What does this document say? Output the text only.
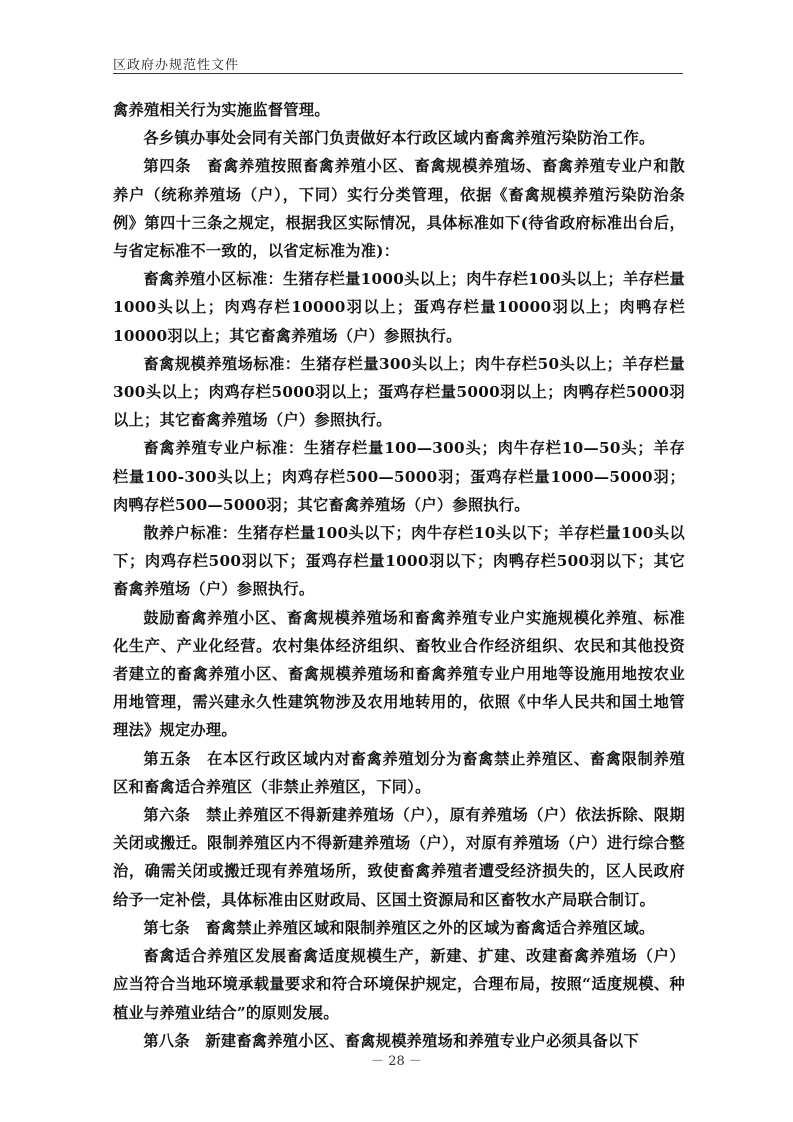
区政府办规范性文件

禽养殖相关行为实施监督管理。

各乡镇办事处会同有关部门负责做好本行政区域内畜禽养殖污染防治工作。

第四条　畜禽养殖按照畜禽养殖小区、畜禽规模养殖场、畜禽养殖专业户和散养户（统称养殖场（户），下同）实行分类管理，依据《畜禽规模养殖污染防治条例》第四十三条之规定，根据我区实际情况，具体标准如下(待省政府标准出台后，与省定标准不一致的，以省定标准为准)：

畜禽养殖小区标准：生猪存栏量1000头以上；肉牛存栏100头以上；羊存栏量1000头以上；肉鸡存栏10000羽以上；蛋鸡存栏量10000羽以上；肉鸭存栏10000羽以上；其它畜禽养殖场（户）参照执行。

畜禽规模养殖场标准：生猪存栏量300头以上；肉牛存栏50头以上；羊存栏量300头以上；肉鸡存栏5000羽以上；蛋鸡存栏量5000羽以上；肉鸭存栏5000羽以上；其它畜禽养殖场（户）参照执行。

畜禽养殖专业户标准：生猪存栏量100—300头；肉牛存栏10—50头；羊存栏量100-300头以上；肉鸡存栏500—5000羽；蛋鸡存栏量1000—5000羽；肉鸭存栏500—5000羽；其它畜禽养殖场（户）参照执行。

散养户标准：生猪存栏量100头以下；肉牛存栏10头以下；羊存栏量100头以下；肉鸡存栏500羽以下；蛋鸡存栏量1000羽以下；肉鸭存栏500羽以下；其它畜禽养殖场（户）参照执行。

鼓励畜禽养殖小区、畜禽规模养殖场和畜禽养殖专业户实施规模化养殖、标准化生产、产业化经营。农村集体经济组织、畜牧业合作经济组织、农民和其他投资者建立的畜禽养殖小区、畜禽规模养殖场和畜禽养殖专业户用地等设施用地按农业用地管理，需兴建永久性建筑物涉及农用地转用的，依照《中华人民共和国土地管理法》规定办理。

第五条　在本区行政区域内对畜禽养殖划分为畜禽禁止养殖区、畜禽限制养殖区和畜禽适合养殖区（非禁止养殖区，下同）。

第六条　禁止养殖区不得新建养殖场（户），原有养殖场（户）依法拆除、限期关闭或搬迁。限制养殖区内不得新建养殖场（户），对原有养殖场（户）进行综合整治，确需关闭或搬迁现有养殖场所，致使畜禽养殖者遭受经济损失的，区人民政府给予一定补偿，具体标准由区财政局、区国土资源局和区畜牧水产局联合制订。

第七条　畜禽禁止养殖区域和限制养殖区之外的区域为畜禽适合养殖区域。

畜禽适合养殖区发展畜禽适度规模生产，新建、扩建、改建畜禽养殖场（户）应当符合当地环境承载量要求和符合环境保护规定，合理布局，按照“适度规模、种植业与养殖业结合”的原则发展。

第八条　新建畜禽养殖小区、畜禽规模养殖场和养殖专业户必须具备以下

－ 28 －
